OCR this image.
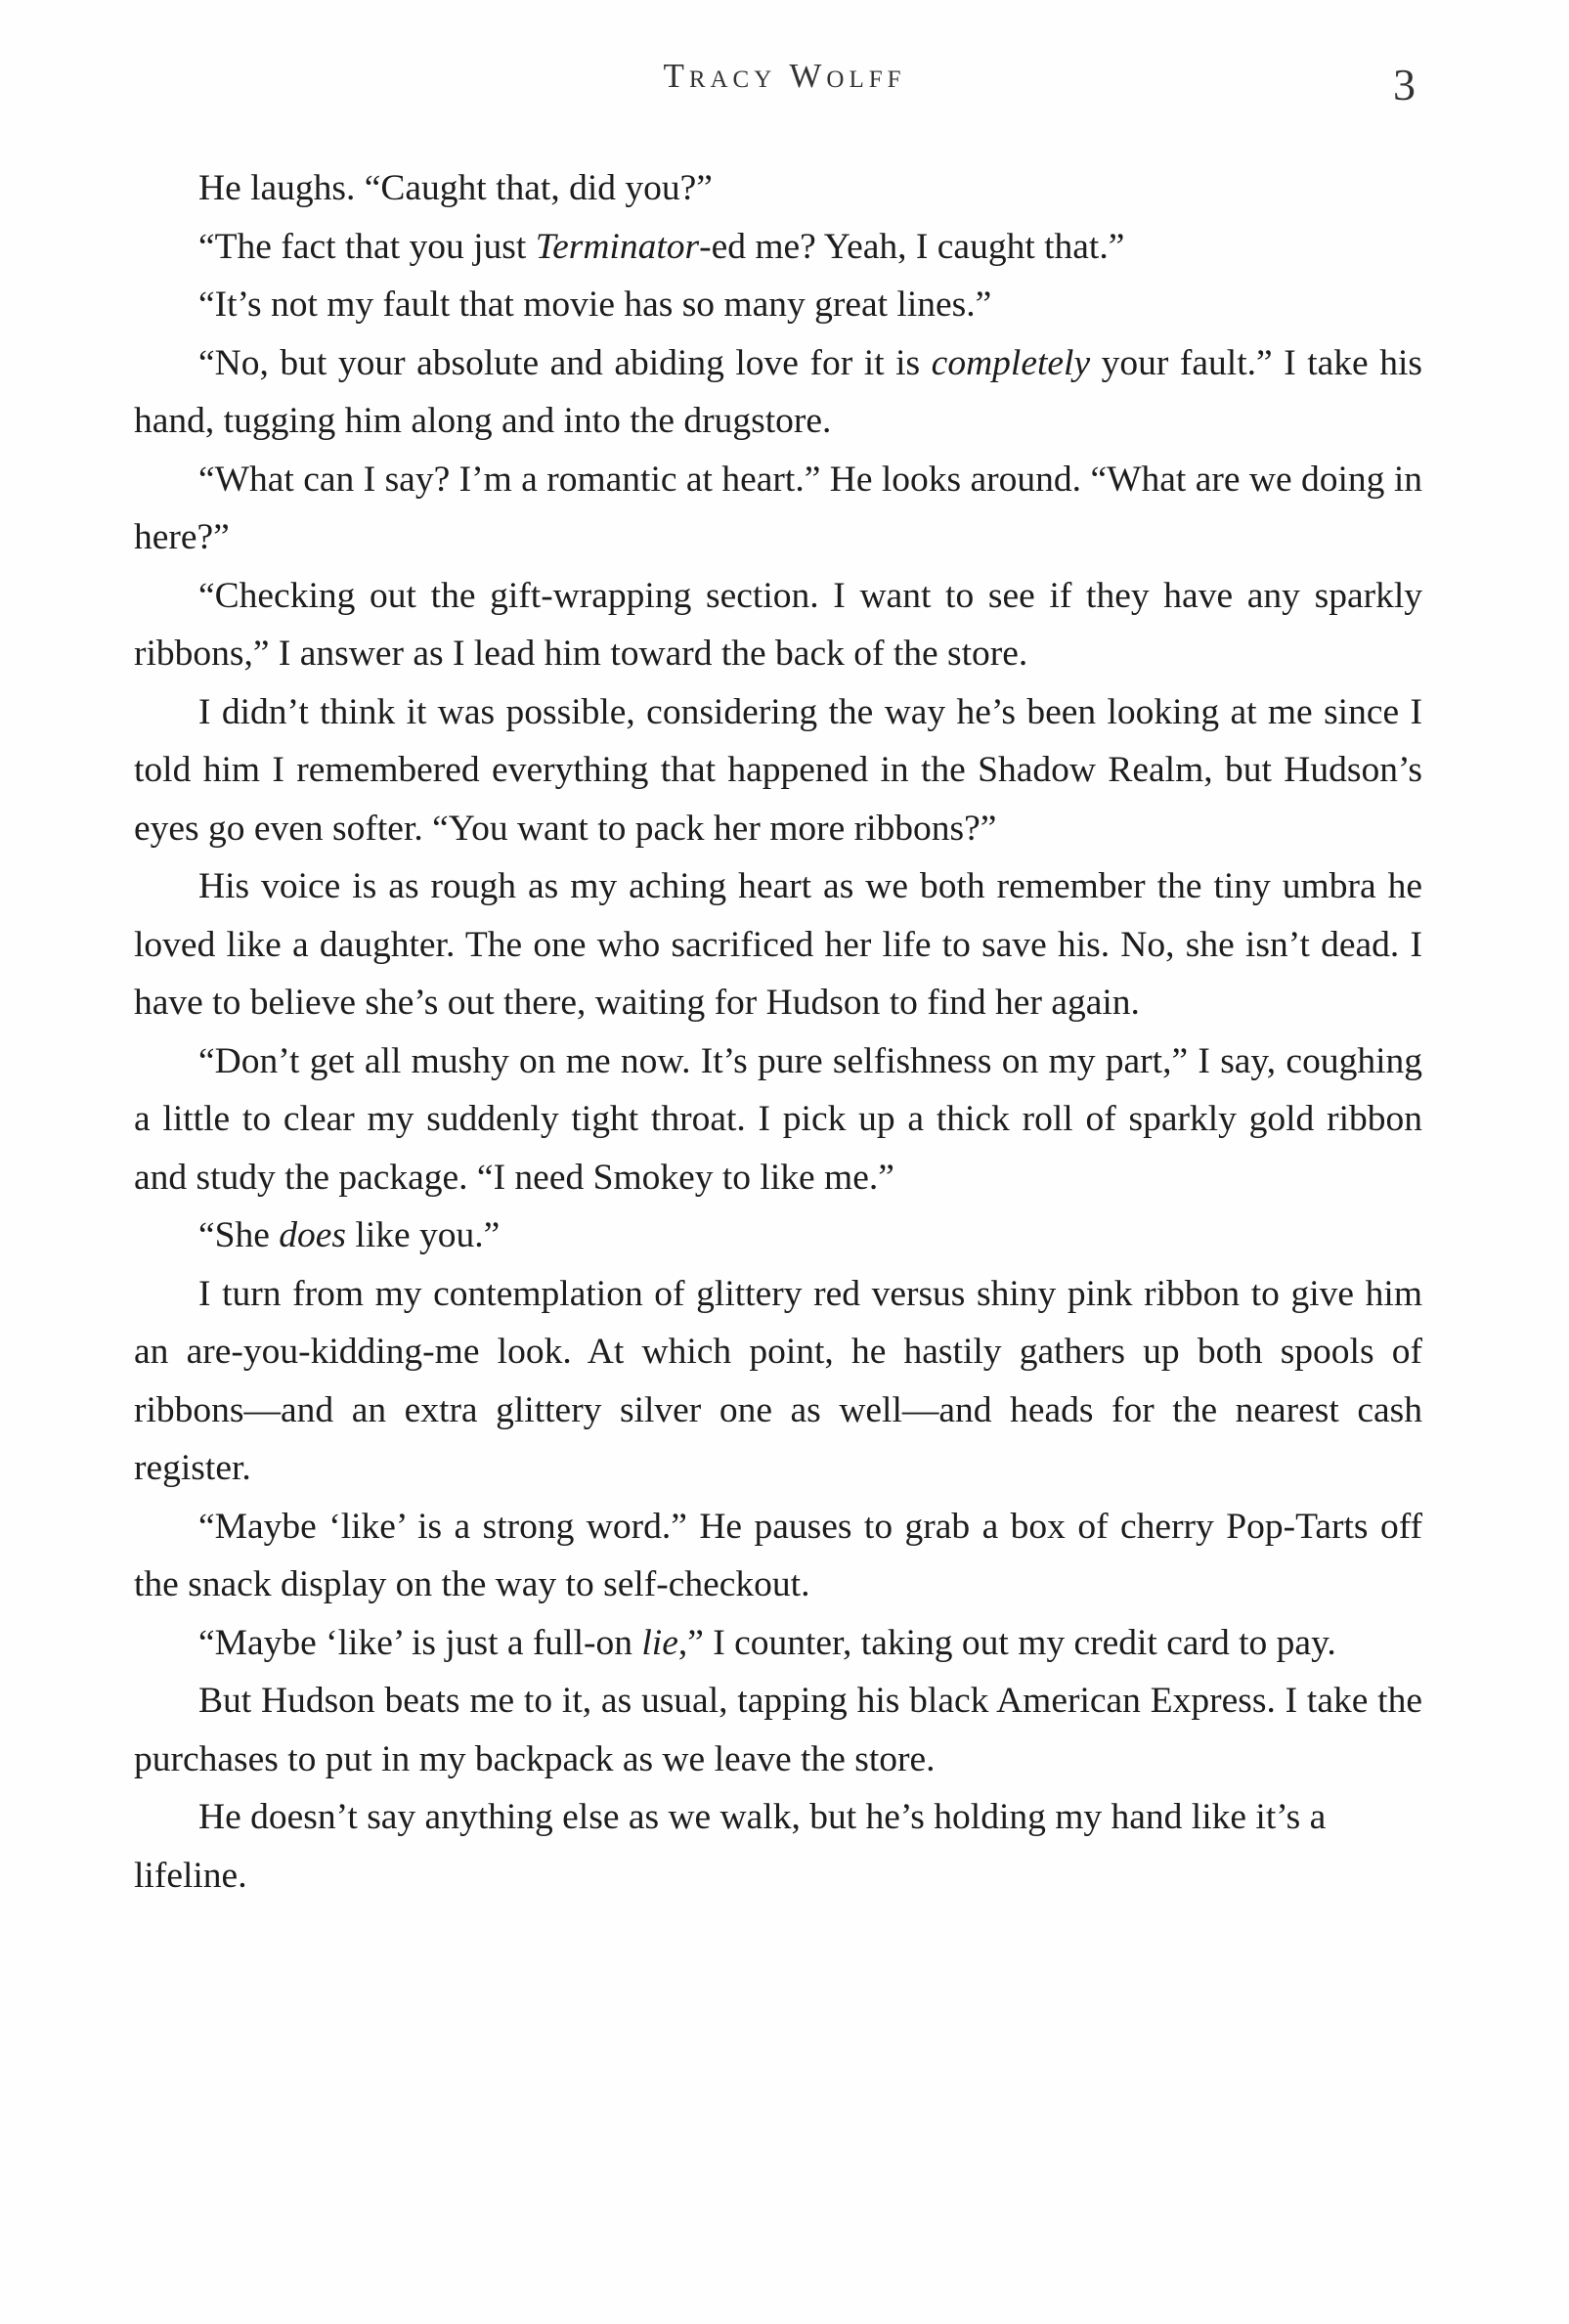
Tracy Wolff	3

He laughs. “Caught that, did you?”

“The fact that you just Terminator-ed me? Yeah, I caught that.”

“It’s not my fault that movie has so many great lines.”

“No, but your absolute and abiding love for it is completely your fault.” I take his hand, tugging him along and into the drugstore.

“What can I say? I’m a romantic at heart.” He looks around. “What are we doing in here?”

“Checking out the gift-wrapping section. I want to see if they have any sparkly ribbons,” I answer as I lead him toward the back of the store.

I didn’t think it was possible, considering the way he’s been looking at me since I told him I remembered everything that happened in the Shadow Realm, but Hudson’s eyes go even softer. “You want to pack her more ribbons?”

His voice is as rough as my aching heart as we both remember the tiny umbra he loved like a daughter. The one who sacrificed her life to save his. No, she isn’t dead. I have to believe she’s out there, waiting for Hudson to find her again.

“Don’t get all mushy on me now. It’s pure selfishness on my part,” I say, coughing a little to clear my suddenly tight throat. I pick up a thick roll of sparkly gold ribbon and study the package. “I need Smokey to like me.”

“She does like you.”

I turn from my contemplation of glittery red versus shiny pink ribbon to give him an are-you-kidding-me look. At which point, he hastily gathers up both spools of ribbons—and an extra glittery silver one as well—and heads for the nearest cash register.

“Maybe ‘like’ is a strong word.” He pauses to grab a box of cherry Pop-Tarts off the snack display on the way to self-checkout.

“Maybe ‘like’ is just a full-on lie,” I counter, taking out my credit card to pay.

But Hudson beats me to it, as usual, tapping his black American Express. I take the purchases to put in my backpack as we leave the store.

He doesn’t say anything else as we walk, but he’s holding my hand like it’s a lifeline.
